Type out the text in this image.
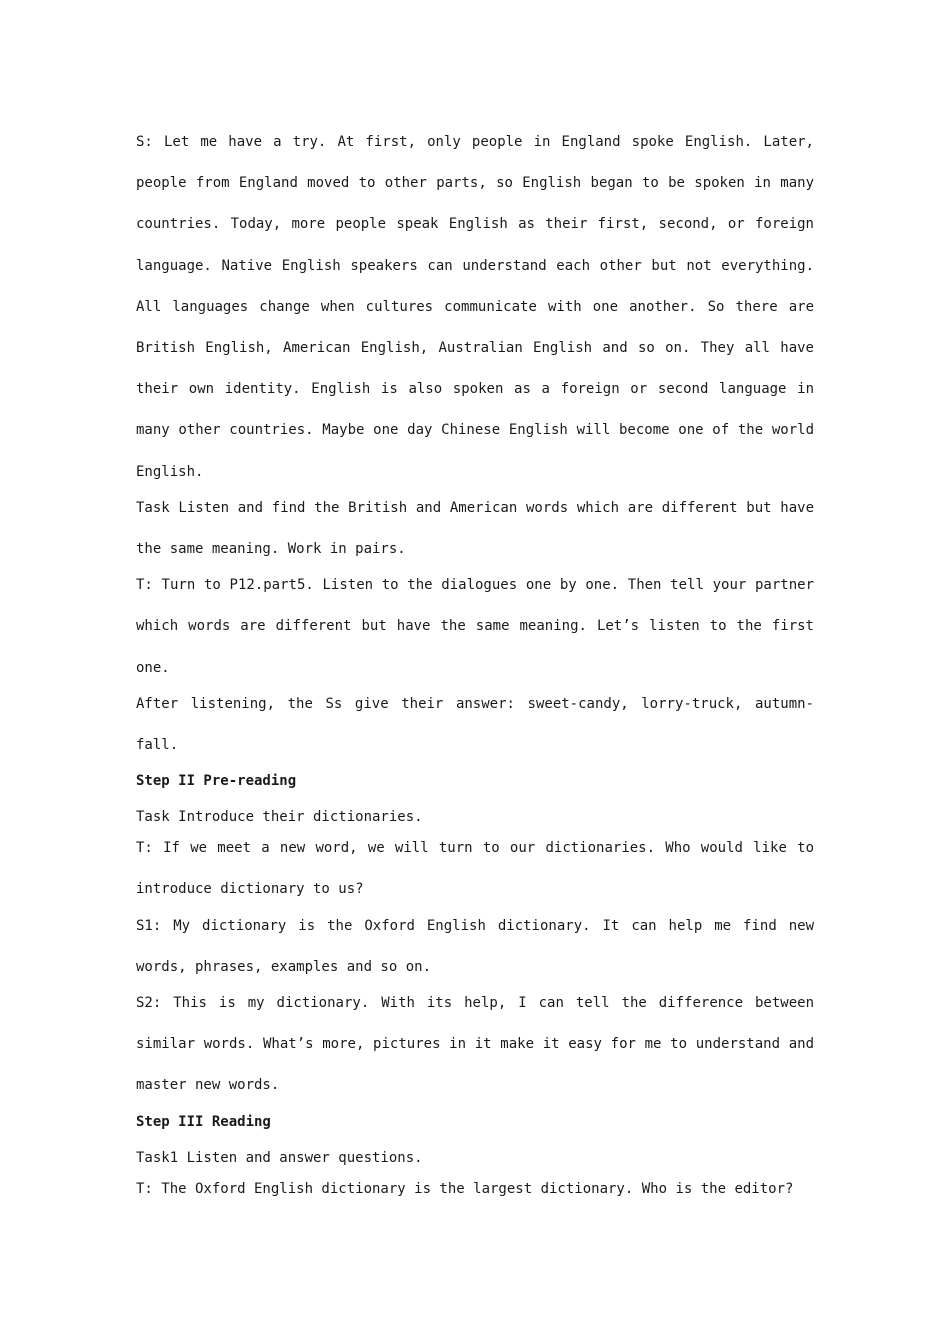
S: Let me have a try. At first, only people in England spoke English. Later, people from England moved to other parts, so English began to be spoken in many countries. Today, more people speak English as their first, second, or foreign language. Native English speakers can understand each other but not everything. All languages change when cultures communicate with one another. So there are British English, American English, Australian English and so on. They all have their own identity. English is also spoken as a foreign or second language in many other countries. Maybe one day Chinese English will become one of the world English.

Task Listen and find the British and American words which are different but have the same meaning. Work in pairs.

T: Turn to P12.part5. Listen to the dialogues one by one. Then tell your partner which words are different but have the same meaning. Let’s listen to the first one.

After listening, the Ss give their answer: sweet-candy, lorry-truck, autumn-fall.

Step II Pre-reading

Task Introduce their dictionaries.

T: If we meet a new word, we will turn to our dictionaries. Who would like to introduce dictionary to us?

S1: My dictionary is the Oxford English dictionary. It can help me find new words, phrases, examples and so on.

S2: This is my dictionary. With its help, I can tell the difference between similar words. What’s more, pictures in it make it easy for me to understand and master new words.

Step III Reading

Task1 Listen and answer questions.

T: The Oxford English dictionary is the largest dictionary. Who is the editor?
